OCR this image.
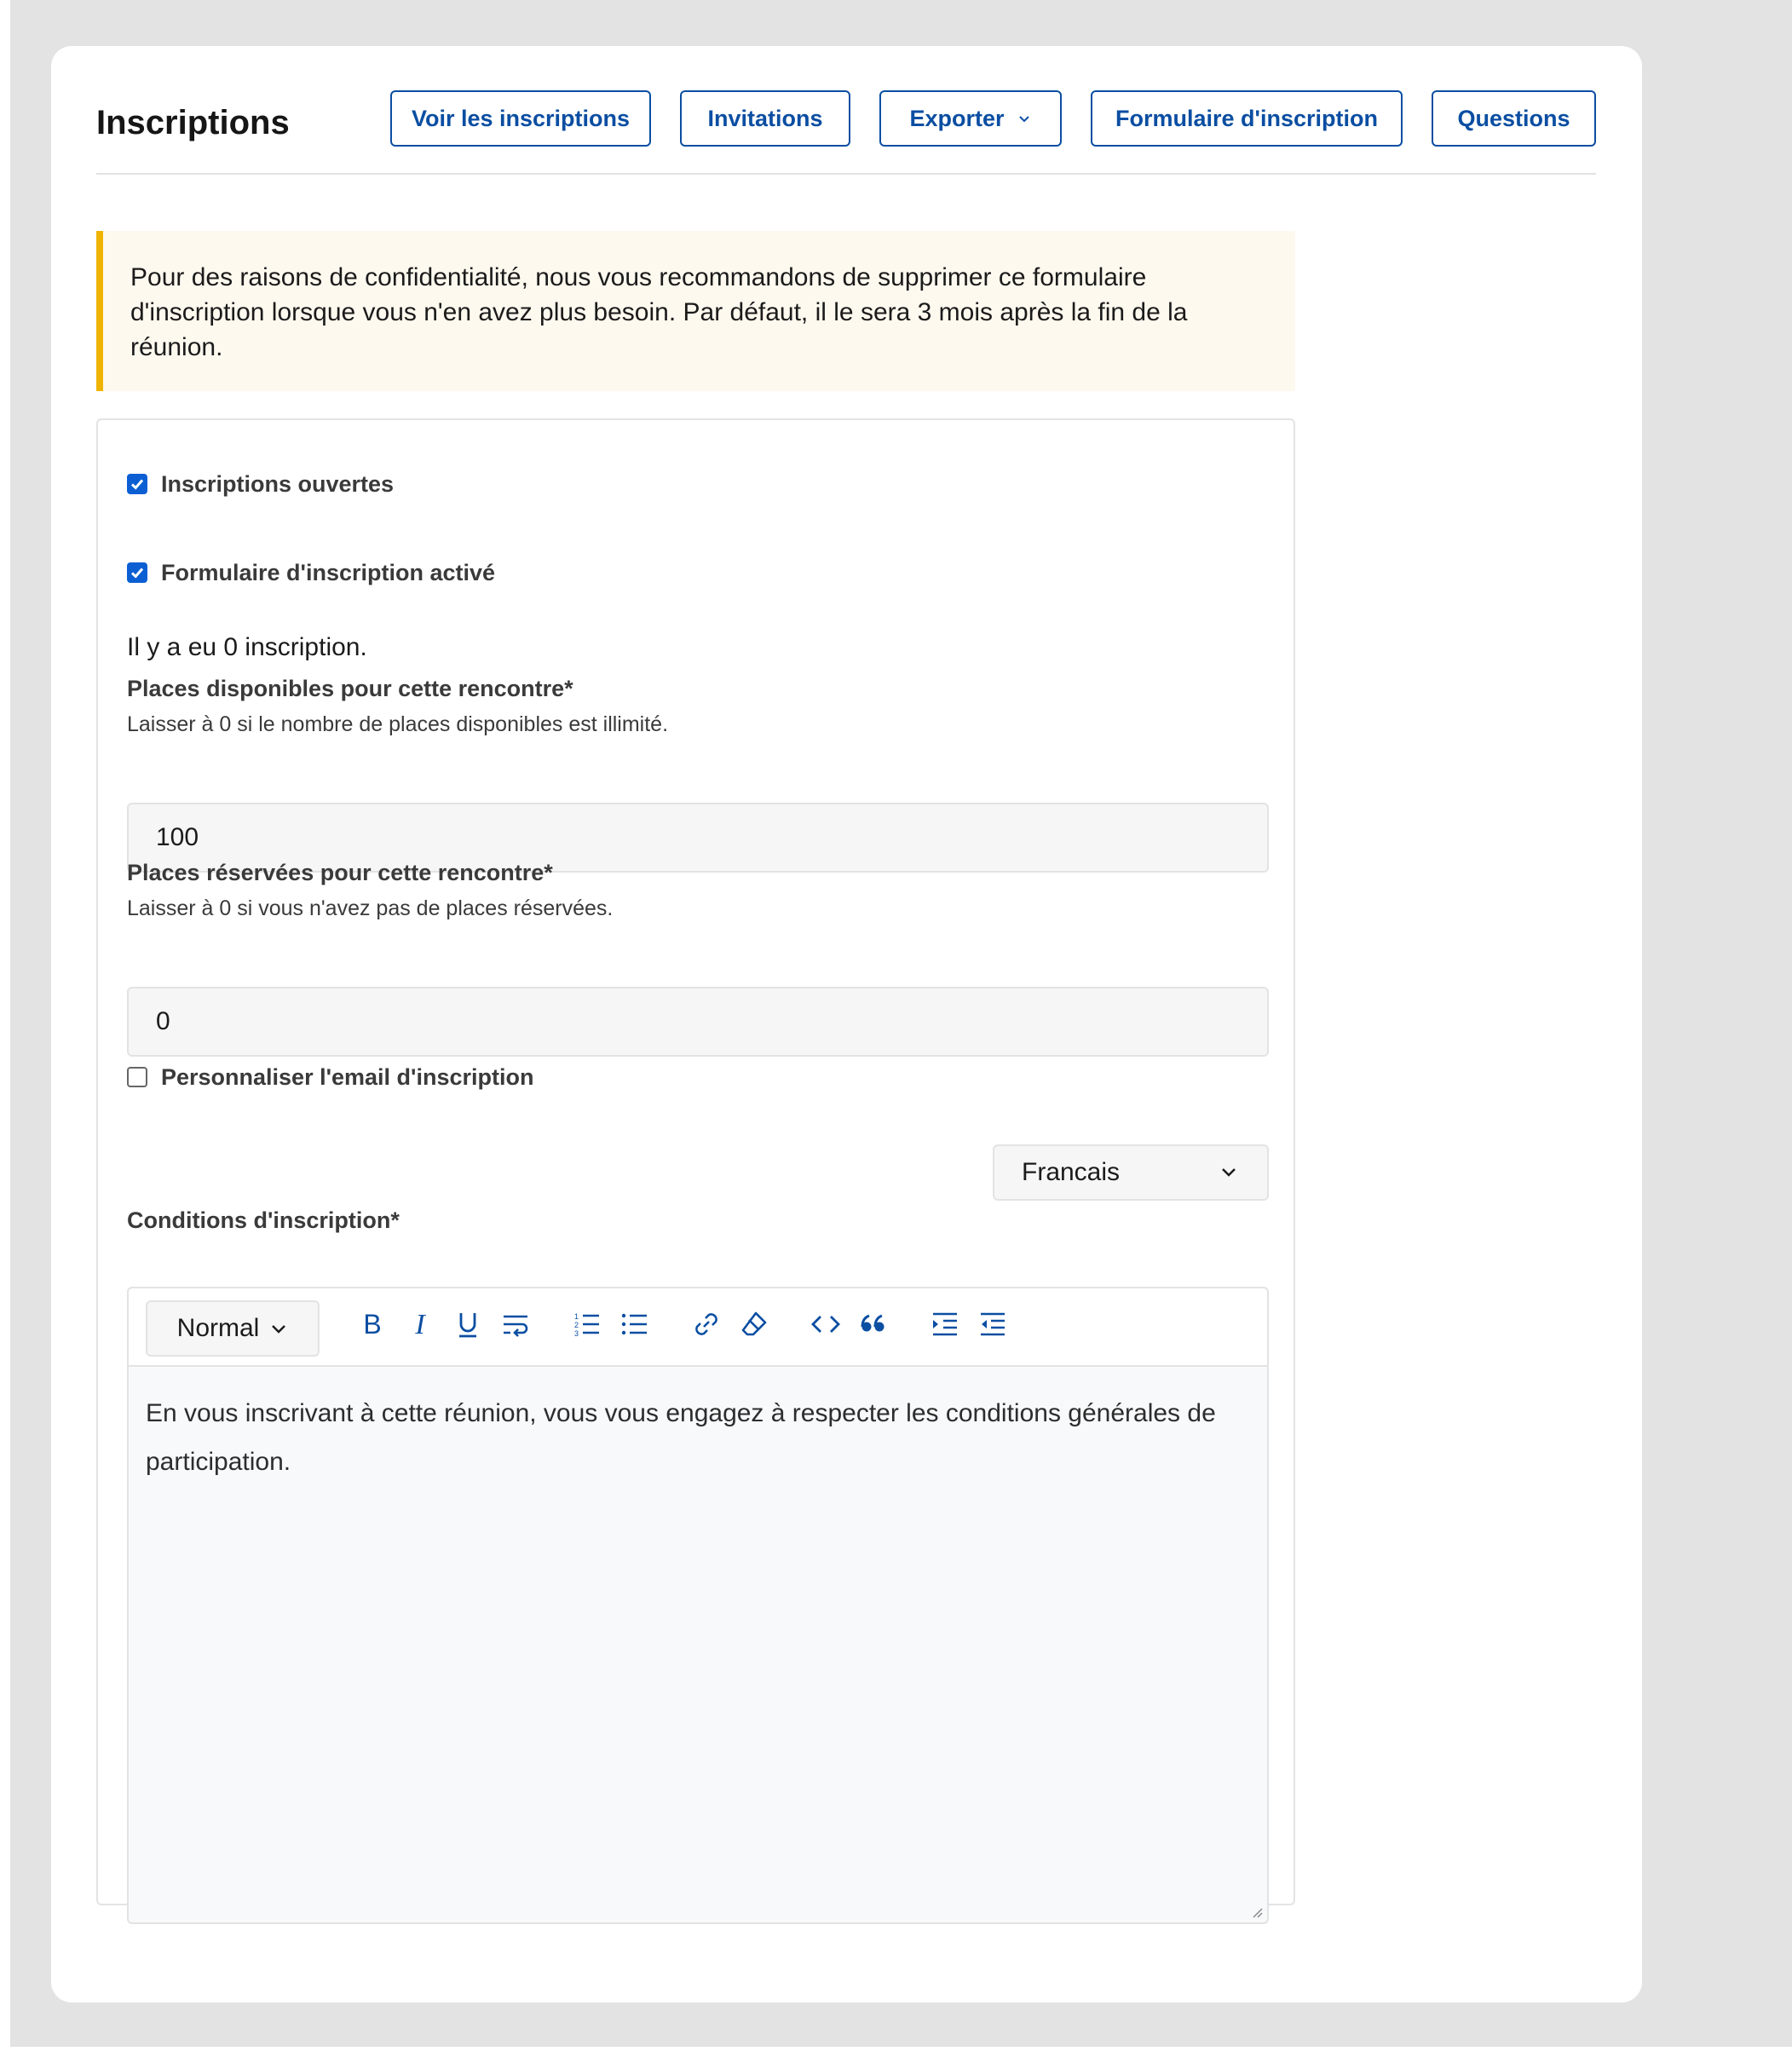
Inscriptions	Voir les inscriptions	Invitations	Exporter	Formulaire d'inscription	Questions
Pour des raisons de confidentialité, nous vous recommandons de supprimer ce formulaire
d'inscription lorsque vous n'en avez plus besoin. Par défaut, il le sera 3 mois après la fin de la
réunion.
Inscriptions ouvertes
Formulaire d'inscription activé
Il y a eu 0 inscription.
Places disponibles pour cette rencontre*
Laisser à 0 si le nombre de places disponibles est illimité.
100
Places réservées pour cette rencontre*
Laisser à 0 si vous n'avez pas de places réservées.
0
Personnaliser l'email d'inscription
Francais
Conditions d'inscription*
Normal	B I	1
2
3
En vous inscrivant à cette réunion, vous vous engagez à respecter les conditions générales de
participation.
